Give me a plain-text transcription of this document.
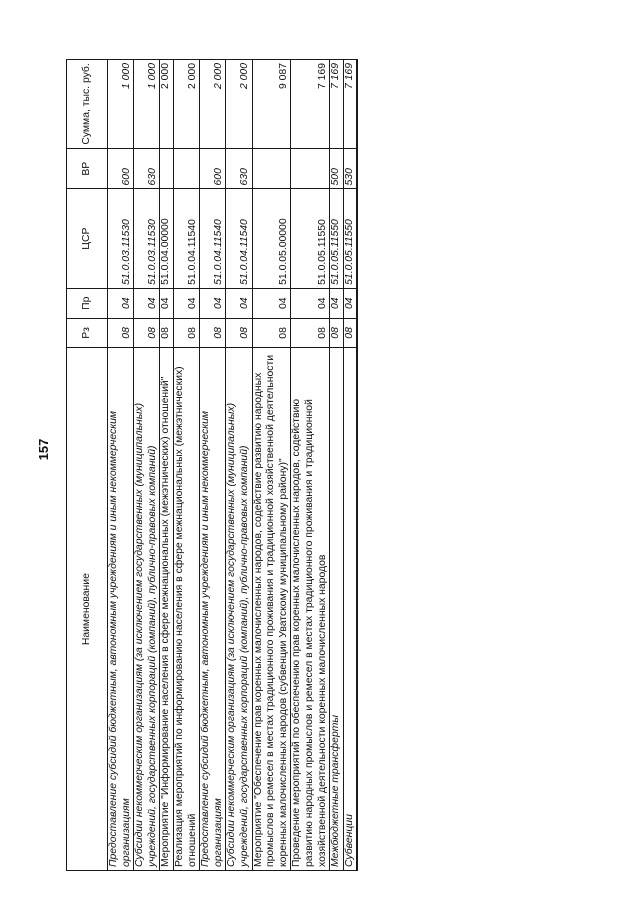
157
Наименование	Рз	Пр	ЦСР	ВР	Сумма, тыс. руб.
Предоставление субсидий бюджетным, автономным учреждениям и иным некоммерческим организациям	08	04	51.0.03.11530	600	1 000
Субсидии некоммерческим организациям (за исключением государственных (муниципальных) учреждений, государственных корпораций (компаний), публично-правовых компаний)	08	04	51.0.03.11530	630	1 000
Мероприятие "Информирование населения в сфере межнациональных (межэтнических) отношений"	08	04	51.0.04.00000		2 000
Реализация мероприятий по информированию населения в сфере межнациональных (межэтнических) отношений	08	04	51.0.04.11540		2 000
Предоставление субсидий бюджетным, автономным учреждениям и иным некоммерческим организациям	08	04	51.0.04.11540	600	2 000
Субсидии некоммерческим организациям (за исключением государственных (муниципальных) учреждений, государственных корпораций (компаний), публично-правовых компаний)	08	04	51.0.04.11540	630	2 000
Мероприятие "Обеспечение прав коренных малочисленных народов, содействие развитию народных промыслов и ремесел в местах традиционного проживания и традиционной хозяйственной деятельности коренных малочисленных народов (субвенции Уватскому муниципальному району)"	08	04	51.0.05.00000		9 087
Проведение мероприятий по обеспечению прав коренных малочисленных народов, содействию развитию народных промыслов и ремесел в местах традиционного проживания и традиционной хозяйственной деятельности коренных малочисленных народов	08	04	51.0.05.11550		7 169
Межбюджетные трансферты	08	04	51.0.05.11550	500	7 169
Субвенции	08	04	51.0.05.11550	530	7 169
